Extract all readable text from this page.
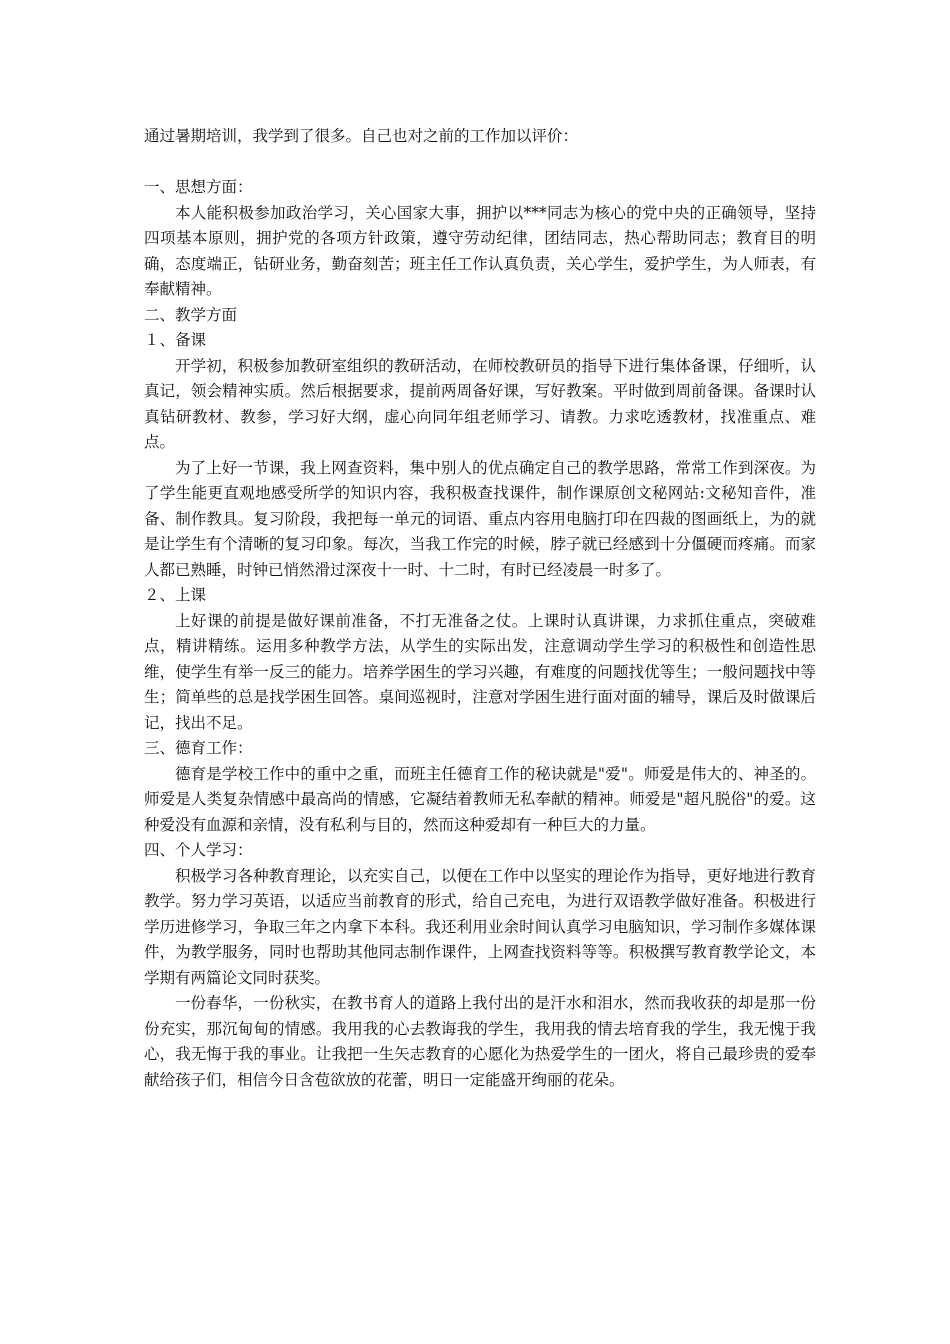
通过暑期培训，我学到了很多。自己也对之前的工作加以评价：

一、思想方面：

本人能积极参加政治学习，关心国家大事，拥护以***同志为核心的党中央的正确领导，坚持四项基本原则，拥护党的各项方针政策，遵守劳动纪律，团结同志，热心帮助同志；教育目的明确，态度端正，钻研业务，勤奋刻苦；班主任工作认真负责，关心学生，爱护学生，为人师表，有奉献精神。

二、教学方面

１、备课

开学初，积极参加教研室组织的教研活动，在师校教研员的指导下进行集体备课，仔细听，认真记，领会精神实质。然后根据要求，提前两周备好课，写好教案。平时做到周前备课。备课时认真钻研教材、教参，学习好大纲，虚心向同年组老师学习、请教。力求吃透教材，找准重点、难点。

为了上好一节课，我上网查资料，集中别人的优点确定自己的教学思路，常常工作到深夜。为了学生能更直观地感受所学的知识内容，我积极查找课件，制作课原创文秘网站:文秘知音件，准备、制作教具。复习阶段，我把每一单元的词语、重点内容用电脑打印在四裁的图画纸上，为的就是让学生有个清晰的复习印象。每次，当我工作完的时候，脖子就已经感到十分僵硬而疼痛。而家人都已熟睡，时钟已悄然滑过深夜十一时、十二时，有时已经凌晨一时多了。

２、上课

上好课的前提是做好课前准备，不打无准备之仗。上课时认真讲课，力求抓住重点，突破难点，精讲精练。运用多种教学方法，从学生的实际出发，注意调动学生学习的积极性和创造性思维，使学生有举一反三的能力。培养学困生的学习兴趣，有难度的问题找优等生；一般问题找中等生；简单些的总是找学困生回答。桌间巡视时，注意对学困生进行面对面的辅导，课后及时做课后记，找出不足。

三、德育工作：

德育是学校工作中的重中之重，而班主任德育工作的秘诀就是"爱"。师爱是伟大的、神圣的。师爱是人类复杂情感中最高尚的情感，它凝结着教师无私奉献的精神。师爱是"超凡脱俗"的爱。这种爱没有血源和亲情，没有私利与目的，然而这种爱却有一种巨大的力量。

四、个人学习：

积极学习各种教育理论，以充实自己，以便在工作中以坚实的理论作为指导，更好地进行教育教学。努力学习英语，以适应当前教育的形式，给自己充电，为进行双语教学做好准备。积极进行学历进修学习，争取三年之内拿下本科。我还利用业余时间认真学习电脑知识，学习制作多媒体课件，为教学服务，同时也帮助其他同志制作课件，上网查找资料等等。积极撰写教育教学论文，本学期有两篇论文同时获奖。

一份春华，一份秋实，在教书育人的道路上我付出的是汗水和泪水，然而我收获的却是那一份份充实，那沉甸甸的情感。我用我的心去教诲我的学生，我用我的情去培育我的学生，我无愧于我心，我无悔于我的事业。让我把一生矢志教育的心愿化为热爱学生的一团火，将自己最珍贵的爱奉献给孩子们，相信今日含苞欲放的花蕾，明日一定能盛开绚丽的花朵。
